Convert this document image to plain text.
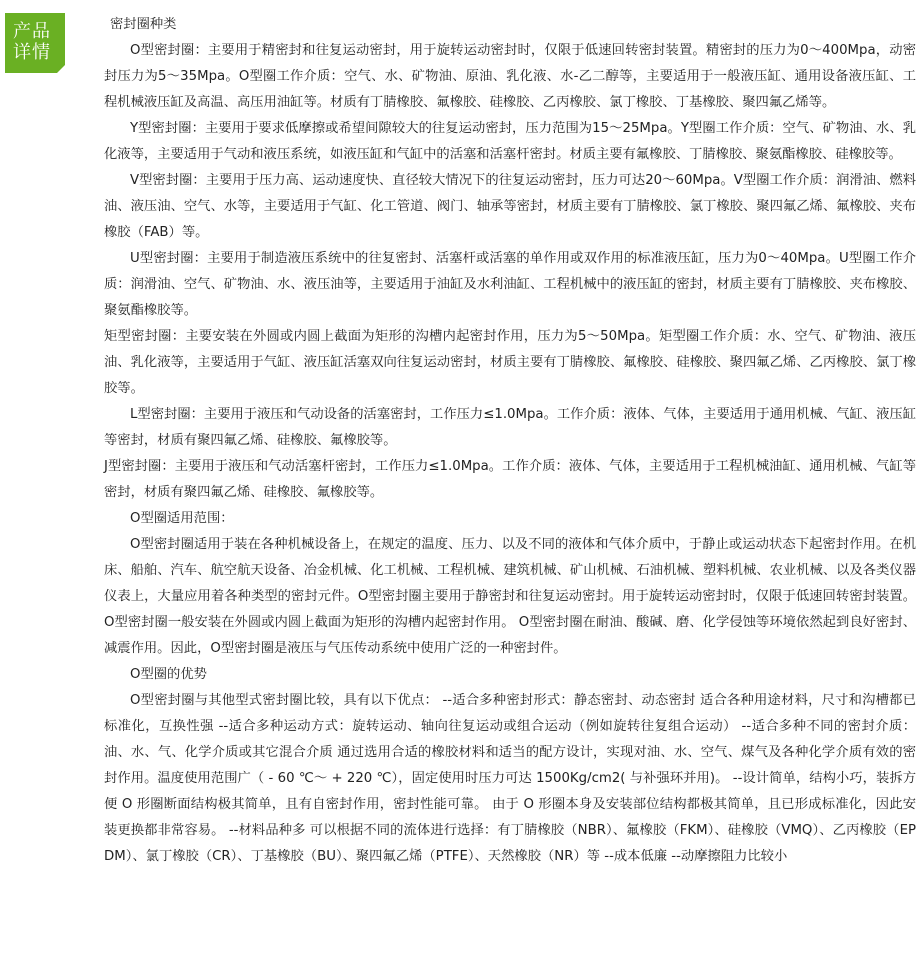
产品
详情

密封圈种类

O型密封圈：主要用于精密封和往复运动密封，用于旋转运动密封时，仅限于低速回转密封装置。精密封的压力为0～400Mpa，动密封压力为5～35Mpa。O型圈工作介质：空气、水、矿物油、原油、乳化液、水-乙二醇等，主要适用于一般液压缸、通用设备液压缸、工程机械液压缸及高温、高压用油缸等。材质有丁腈橡胶、氟橡胶、硅橡胶、乙丙橡胶、氯丁橡胶、丁基橡胶、聚四氟乙烯等。

Y型密封圈：主要用于要求低摩擦或希望间隙较大的往复运动密封，压力范围为15～25Mpa。Y型圈工作介质：空气、矿物油、水、乳化液等，主要适用于气动和液压系统，如液压缸和气缸中的活塞和活塞杆密封。材质主要有氟橡胶、丁腈橡胶、聚氨酯橡胶、硅橡胶等。

V型密封圈：主要用于压力高、运动速度快、直径较大情况下的往复运动密封，压力可达20～60Mpa。V型圈工作介质：润滑油、燃料油、液压油、空气、水等，主要适用于气缸、化工管道、阀门、轴承等密封，材质主要有丁腈橡胶、氯丁橡胶、聚四氟乙烯、氟橡胶、夹布橡胶（FAB）等。

U型密封圈：主要用于制造液压系统中的往复密封、活塞杆或活塞的单作用或双作用的标准液压缸，压力为0～40Mpa。U型圈工作介质：润滑油、空气、矿物油、水、液压油等，主要适用于油缸及水利油缸、工程机械中的液压缸的密封，材质主要有丁腈橡胶、夹布橡胶、聚氨酯橡胶等。

矩型密封圈：主要安装在外圆或内圆上截面为矩形的沟槽内起密封作用，压力为5～50Mpa。矩型圈工作介质：水、空气、矿物油、液压油、乳化液等，主要适用于气缸、液压缸活塞双向往复运动密封，材质主要有丁腈橡胶、氟橡胶、硅橡胶、聚四氟乙烯、乙丙橡胶、氯丁橡胶等。

L型密封圈：主要用于液压和气动设备的活塞密封，工作压力≤1.0Mpa。工作介质：液体、气体，主要适用于通用机械、气缸、液压缸等密封，材质有聚四氟乙烯、硅橡胶、氟橡胶等。

J型密封圈：主要用于液压和气动活塞杆密封，工作压力≤1.0Mpa。工作介质：液体、气体，主要适用于工程机械油缸、通用机械、气缸等密封，材质有聚四氟乙烯、硅橡胶、氟橡胶等。

O型圈适用范围：

O型密封圈适用于装在各种机械设备上，在规定的温度、压力、以及不同的液体和气体介质中，于静止或运动状态下起密封作用。在机床、船舶、汽车、航空航天设备、冶金机械、化工机械、工程机械、建筑机械、矿山机械、石油机械、塑料机械、农业机械、以及各类仪器仪表上，大量应用着各种类型的密封元件。O型密封圈主要用于静密封和往复运动密封。用于旋转运动密封时，仅限于低速回转密封装置。O型密封圈一般安装在外圆或内圆上截面为矩形的沟槽内起密封作用。 O型密封圈在耐油、酸碱、磨、化学侵蚀等环境依然起到良好密封、减震作用。因此，O型密封圈是液压与气压传动系统中使用广泛的一种密封件。

O型圈的优势

O型密封圈与其他型式密封圈比较，具有以下优点： --适合多种密封形式：静态密封、动态密封 适合各种用途材料，尺寸和沟槽都已标准化，互换性强 --适合多种运动方式：旋转运动、轴向往复运动或组合运动（例如旋转往复组合运动） --适合多种不同的密封介质：油、水、气、化学介质或其它混合介质 通过选用合适的橡胶材料和适当的配方设计，实现对油、水、空气、煤气及各种化学介质有效的密封作用。温度使用范围广（ - 60 ℃～ + 220 ℃），固定使用时压力可达 1500Kg/cm2( 与补强环并用)。 --设计简单，结构小巧，装拆方便 O 形圈断面结构极其简单，且有自密封作用，密封性能可靠。 由于 O 形圈本身及安装部位结构都极其简单，且已形成标准化，因此安装更换都非常容易。 --材料品种多 可以根据不同的流体进行选择：有丁腈橡胶（NBR）、氟橡胶（FKM）、硅橡胶（VMQ）、乙丙橡胶（EPDM）、氯丁橡胶（CR）、丁基橡胶（BU）、聚四氟乙烯（PTFE）、天然橡胶（NR）等 --成本低廉 --动摩擦阻力比较小
